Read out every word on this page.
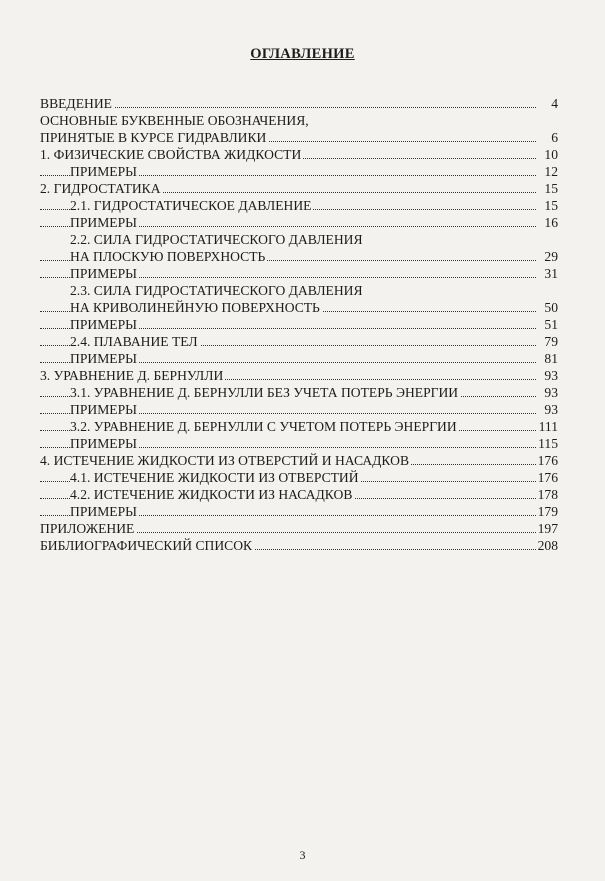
ОГЛАВЛЕНИЕ
ВВЕДЕНИЕ	4
ОСНОВНЫЕ БУКВЕННЫЕ ОБОЗНАЧЕНИЯ,
ПРИНЯТЫЕ В КУРСЕ ГИДРАВЛИКИ	6
1. ФИЗИЧЕСКИЕ СВОЙСТВА ЖИДКОСТИ	10
ПРИМЕРЫ	12
2. ГИДРОСТАТИКА	15
2.1. ГИДРОСТАТИЧЕСКОЕ ДАВЛЕНИЕ	15
ПРИМЕРЫ	16
2.2. СИЛА ГИДРОСТАТИЧЕСКОГО ДАВЛЕНИЯ
НА ПЛОСКУЮ ПОВЕРХНОСТЬ	29
ПРИМЕРЫ	31
2.3. СИЛА ГИДРОСТАТИЧЕСКОГО ДАВЛЕНИЯ
НА КРИВОЛИНЕЙНУЮ ПОВЕРХНОСТЬ	50
ПРИМЕРЫ	51
2.4. ПЛАВАНИЕ ТЕЛ	79
ПРИМЕРЫ	81
3. УРАВНЕНИЕ Д. БЕРНУЛЛИ	93
3.1. УРАВНЕНИЕ Д. БЕРНУЛЛИ БЕЗ УЧЕТА ПОТЕРЬ ЭНЕРГИИ	93
ПРИМЕРЫ	93
3.2. УРАВНЕНИЕ Д. БЕРНУЛЛИ С УЧЕТОМ ПОТЕРЬ ЭНЕРГИИ	111
ПРИМЕРЫ	115
4. ИСТЕЧЕНИЕ ЖИДКОСТИ ИЗ ОТВЕРСТИЙ И НАСАДКОВ	176
4.1. ИСТЕЧЕНИЕ ЖИДКОСТИ ИЗ ОТВЕРСТИЙ	176
4.2. ИСТЕЧЕНИЕ ЖИДКОСТИ ИЗ НАСАДКОВ	178
ПРИМЕРЫ	179
ПРИЛОЖЕНИЕ	197
БИБЛИОГРАФИЧЕСКИЙ СПИСОК	208
3
